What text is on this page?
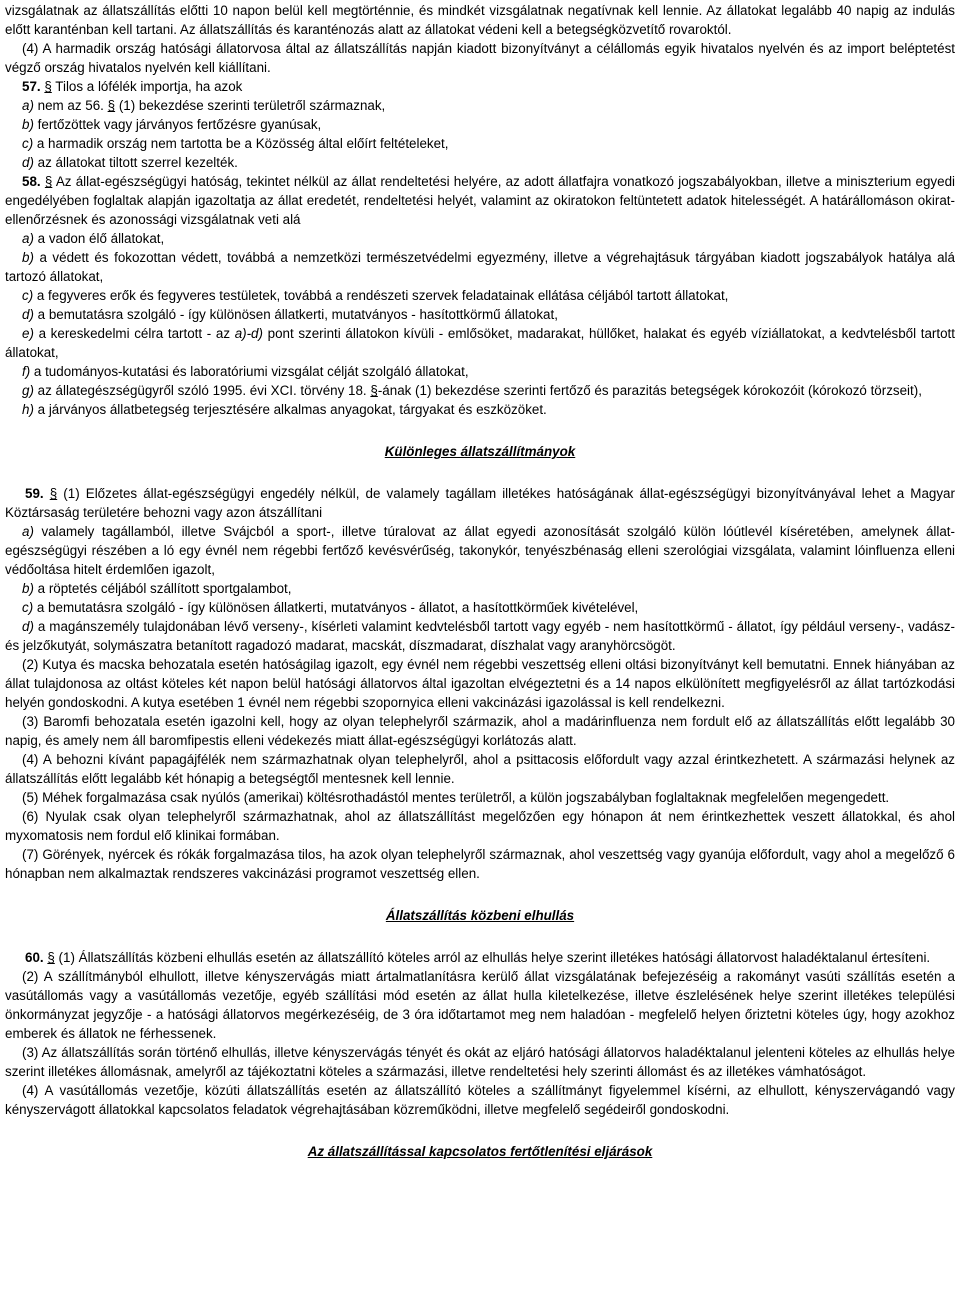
vizsgálatnak az állatszállítás előtti 10 napon belül kell megtörténnie, és mindkét vizsgálatnak negatívnak kell lennie. Az állatokat legalább 40 napig az indulás előtt karanténban kell tartani. Az állatszállítás és karanténozás alatt az állatokat védeni kell a betegségközvetítő rovaroktól.

(4) A harmadik ország hatósági állatorvosa által az állatszállítás napján kiadott bizonyítványt a célállomás egyik hivatalos nyelvén és az import beléptetést végző ország hivatalos nyelvén kell kiállítani.

57. § Tilos a lófélék importja, ha azok

a) nem az 56. § (1) bekezdése szerinti területről származnak,

b) fertőzöttek vagy járványos fertőzésre gyanúsak,

c) a harmadik ország nem tartotta be a Közösség által előírt feltételeket,

d) az állatokat tiltott szerrel kezelték.

58. § Az állat-egészségügyi hatóság, tekintet nélkül az állat rendeltetési helyére, az adott állatfajra vonatkozó jogszabályokban, illetve a miniszterium egyedi engedélyében foglaltak alapján igazoltatja az állat eredetét, rendeltetési helyét, valamint az okiratokon feltüntetett adatok hitelességét. A határállomáson okirat-ellenőrzésnek és azonossági vizsgálatnak veti alá

a) a vadon élő állatokat,

b) a védett és fokozottan védett, továbbá a nemzetközi természetvédelmi egyezmény, illetve a végrehajtásuk tárgyában kiadott jogszabályok hatálya alá tartozó állatokat,

c) a fegyveres erők és fegyveres testületek, továbbá a rendészeti szervek feladatainak ellátása céljából tartott állatokat,

d) a bemutatásra szolgáló - így különösen állatkerti, mutatványos - hasítottkörmű állatokat,

e) a kereskedelmi célra tartott - az a)-d) pont szerinti állatokon kívüli - emlősöket, madarakat, hüllőket, halakat és egyéb víziállatokat, a kedvtelésből tartott állatokat,

f) a tudományos-kutatási és laboratóriumi vizsgálat célját szolgáló állatokat,

g) az állategészségügyről szóló 1995. évi XCI. törvény 18. §-ának (1) bekezdése szerinti fertőző és parazitás betegségek kórokozóit (kórokozó törzseit),

h) a járványos állatbetegség terjesztésére alkalmas anyagokat, tárgyakat és eszközöket.

Különleges állatszállítmányok

59. § (1) Előzetes állat-egészségügyi engedély nélkül, de valamely tagállam illetékes hatóságának állat-egészségügyi bizonyítványával lehet a Magyar Köztársaság területére behozni vagy azon átszállítani

a) valamely tagállamból, illetve Svájcból a sport-, illetve túralovat az állat egyedi azonosítását szolgáló külön lóútlevél kíséretében, amelynek állat-egészségügyi részében a ló egy évnél nem régebbi fertőző kevésvérűség, takonykór, tenyészbénaság elleni szerológiai vizsgálata, valamint lóinfluenza elleni védőoltása hitelt érdemlően igazolt,

b) a röptetés céljából szállított sportgalambot,

c) a bemutatásra szolgáló - így különösen állatkerti, mutatványos - állatot, a hasítottkörműek kivételével,

d) a magánszemély tulajdonában lévő verseny-, kísérleti valamint kedvtelésből tartott vagy egyéb - nem hasítottkörmű - állatot, így például verseny-, vadász- és jelzőkutyát, solymászatra betanított ragadozó madarat, macskát, díszmadarat, díszhalat vagy aranyhörcsögöt.

(2) Kutya és macska behozatala esetén hatóságilag igazolt, egy évnél nem régebbi veszettség elleni oltási bizonyítványt kell bemutatni. Ennek hiányában az állat tulajdonosa az oltást köteles két napon belül hatósági állatorvos által igazoltan elvégeztetni és a 14 napos elkülönített megfigyelésről az állat tartózkodási helyén gondoskodni. A kutya esetében 1 évnél nem régebbi szopornyica elleni vakcinázási igazolással is kell rendelkezni.

(3) Baromfi behozatala esetén igazolni kell, hogy az olyan telephelyről származik, ahol a madárinfluenza nem fordult elő az állatszállítás előtt legalább 30 napig, és amely nem áll baromfipestis elleni védekezés miatt állat-egészségügyi korlátozás alatt.

(4) A behozni kívánt papagájfélék nem származhatnak olyan telephelyről, ahol a psittacosis előfordult vagy azzal érintkezhetett. A származási helynek az állatszállítás előtt legalább két hónapig a betegségtől mentesnek kell lennie.

(5) Méhek forgalmazása csak nyúlós (amerikai) költésrothadástól mentes területről, a külön jogszabályban foglaltaknak megfelelően megengedett.

(6) Nyulak csak olyan telephelyről származhatnak, ahol az állatszállítást megelőzően egy hónapon át nem érintkezhettek veszett állatokkal, és ahol myxomatosis nem fordul elő klinikai formában.

(7) Görények, nyércek és rókák forgalmazása tilos, ha azok olyan telephelyről származnak, ahol veszettség vagy gyanúja előfordult, vagy ahol a megelőző 6 hónapban nem alkalmaztak rendszeres vakcinázási programot veszettség ellen.

Állatszállítás közbeni elhullás

60. § (1) Állatszállítás közbeni elhullás esetén az állatszállító köteles arról az elhullás helye szerint illetékes hatósági állatorvost haladéktalanul értesíteni.

(2) A szállítmányból elhullott, illetve kényszervágás miatt ártalmatlanításra kerülő állat vizsgálatának befejezéséig a rakományt vasúti szállítás esetén a vasútállomás vagy a vasútállomás vezetője, egyéb szállítási mód esetén az állat hulla kiletelkezése, illetve észlelésének helye szerint illetékes települési önkormányzat jegyzője - a hatósági állatorvos megérkezéséig, de 3 óra időtartamot meg nem haladóan - megfelelő helyen őriztetni köteles úgy, hogy azokhoz emberek és állatok ne férhessenek.

(3) Az állatszállítás során történő elhullás, illetve kényszervágás tényét és okát az eljáró hatósági állatorvos haladéktalanul jelenteni köteles az elhullás helye szerint illetékes állomásnak, amelyről az tájékoztatni köteles a származási, illetve rendeltetési hely szerinti állomást és az illetékes vámhatóságot.

(4) A vasútállomás vezetője, közúti állatszállítás esetén az állatszállító köteles a szállítmányt figyelemmel kísérni, az elhullott, kényszervágandó vagy kényszervágott állatokkal kapcsolatos feladatok végrehajtásában közreműködni, illetve megfelelő segédeiről gondoskodni.

Az állatszállítással kapcsolatos fertőtlenítési eljárások
